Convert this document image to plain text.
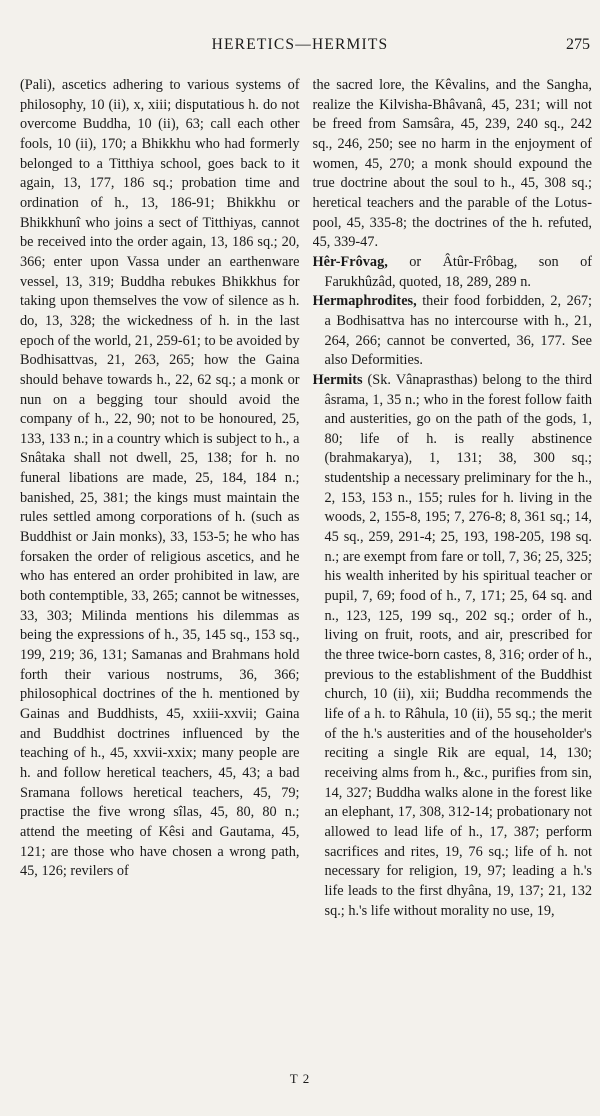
HERETICS—HERMITS	275

(Pali), ascetics adhering to various systems of philosophy, 10 (ii), x, xiii; disputatious h. do not overcome Buddha, 10 (ii), 63; call each other fools, 10 (ii), 170; a Bhikkhu who had formerly belonged to a Titthiya school, goes back to it again, 13, 177, 186 sq.; probation time and ordination of h., 13, 186-91; Bhikkhu or Bhikkhunî who joins a sect of Titthiyas, cannot be received into the order again, 13, 186 sq.; 20, 366; enter upon Vassa under an earthenware vessel, 13, 319; Buddha rebukes Bhikkhus for taking upon themselves the vow of silence as h. do, 13, 328; the wickedness of h. in the last epoch of the world, 21, 259-61; to be avoided by Bodhisattvas, 21, 263, 265; how the Gaina should behave towards h., 22, 62 sq.; a monk or nun on a begging tour should avoid the company of h., 22, 90; not to be honoured, 25, 133, 133 n.; in a country which is subject to h., a Snâtaka shall not dwell, 25, 138; for h. no funeral libations are made, 25, 184, 184 n.; banished, 25, 381; the kings must maintain the rules settled among corporations of h. (such as Buddhist or Jain monks), 33, 153-5; he who has forsaken the order of religious ascetics, and he who has entered an order prohibited in law, are both contemptible, 33, 265; cannot be witnesses, 33, 303; Milinda mentions his dilemmas as being the expressions of h., 35, 145 sq., 153 sq., 199, 219; 36, 131; Samanas and Brahmans hold forth their various nostrums, 36, 366; philosophical doctrines of the h. mentioned by Gainas and Buddhists, 45, xxiii-xxvii; Gaina and Buddhist doctrines influenced by the teaching of h., 45, xxvii-xxix; many people are h. and follow heretical teachers, 45, 43; a bad Sramana follows heretical teachers, 45, 79; practise the five wrong sîlas, 45, 80, 80 n.; attend the meeting of Kêsi and Gautama, 45, 121; are those who have chosen a wrong path, 45, 126; revilers of

the sacred lore, the Kêvalins, and the Sangha, realize the Kilvisha-Bhâvanâ, 45, 231; will not be freed from Samsâra, 45, 239, 240 sq., 242 sq., 246, 250; see no harm in the enjoyment of women, 45, 270; a monk should expound the true doctrine about the soul to h., 45, 308 sq.; heretical teachers and the parable of the Lotus-pool, 45, 335-8; the doctrines of the h. refuted, 45, 339-47.

Hêr-Frôvag, or Âtûr-Frôbag, son of Farukhûzâd, quoted, 18, 289, 289 n.

Hermaphrodites, their food forbidden, 2, 267; a Bodhisattva has no intercourse with h., 21, 264, 266; cannot be converted, 36, 177. See also Deformities.

Hermits (Sk. Vânaprasthas) belong to the third âsrama, 1, 35 n.; who in the forest follow faith and austerities, go on the path of the gods, 1, 80; life of h. is really abstinence (brahmakarya), 1, 131; 38, 300 sq.; studentship a necessary preliminary for the h., 2, 153, 153 n., 155; rules for h. living in the woods, 2, 155-8, 195; 7, 276-8; 8, 361 sq.; 14, 45 sq., 259, 291-4; 25, 193, 198-205, 198 sq. n.; are exempt from fare or toll, 7, 36; 25, 325; his wealth inherited by his spiritual teacher or pupil, 7, 69; food of h., 7, 171; 25, 64 sq. and n., 123, 125, 199 sq., 202 sq.; order of h., living on fruit, roots, and air, prescribed for the three twice-born castes, 8, 316; order of h., previous to the establishment of the Buddhist church, 10 (ii), xii; Buddha recommends the life of a h. to Râhula, 10 (ii), 55 sq.; the merit of the h.'s austerities and of the householder's reciting a single Rik are equal, 14, 130; receiving alms from h., &c., purifies from sin, 14, 327; Buddha walks alone in the forest like an elephant, 17, 308, 312-14; probationary not allowed to lead life of h., 17, 387; perform sacrifices and rites, 19, 76 sq.; life of h. not necessary for religion, 19, 97; leading a h.'s life leads to the first dhyâna, 19, 137; 21, 132 sq.; h.'s life without morality no use, 19,

T 2
